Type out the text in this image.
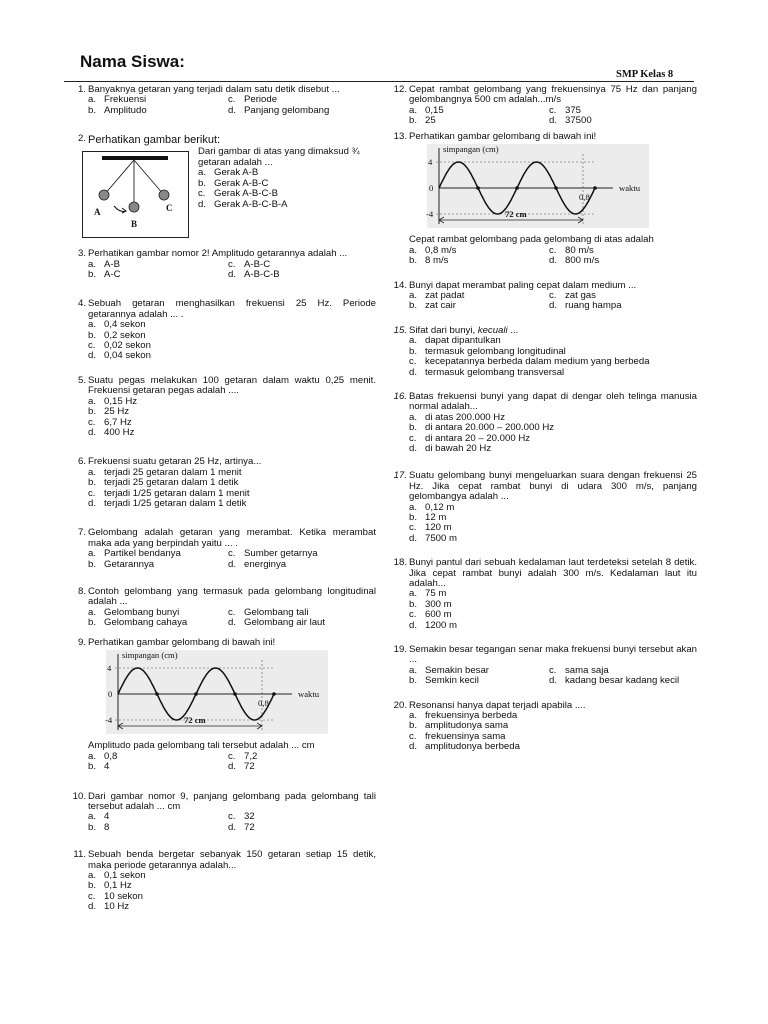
Nama Siswa:
SMP Kelas 8
1. Banyaknya getaran yang terjadi dalam satu detik disebut ...
a. Frekuensi	c. Periode
b. Amplitudo	d. Panjang gelombang
2. Perhatikan gambar berikut:
A
B
C
Dari gambar di atas yang dimaksud ¾ getaran adalah ...
a. Gerak A-B
b. Gerak A-B-C
c. Gerak A-B-C-B
d. Gerak A-B-C-B-A
3. Perhatikan gambar nomor 2! Amplitudo getarannya adalah ...
a. A-B	c. A-B-C
b. A-C	d. A-B-C-B
4. Sebuah getaran menghasilkan frekuensi 25 Hz. Periode getarannya adalah ... .
a. 0,4 sekon
b. 0,2 sekon
c. 0,02 sekon
d. 0,04 sekon
5. Suatu pegas melakukan 100 getaran dalam waktu 0,25 menit. Frekuensi getaran pegas adalah ....
a. 0,15 Hz
b. 25 Hz
c. 6,7 Hz
d. 400 Hz
6. Frekuensi suatu getaran 25 Hz, artinya...
a. terjadi 25 getaran dalam 1 menit
b. terjadi 25 getaran dalam 1 detik
c. terjadi 1/25 getaran dalam 1 menit
d. terjadi 1/25 getaran dalam 1 detik
7. Gelombang adalah getaran yang merambat. Ketika merambat maka ada yang berpindah yaitu ... .
a. Partikel bendanya	c. Sumber getarnya
b. Getarannya	d. energinya
8. Contoh gelombang yang termasuk pada gelombang longitudinal adalah ...
a. Gelombang bunyi	c. Gelombang tali
b. Gelombang cahaya	d. Gelombang air laut
9. Perhatikan gambar gelombang di bawah ini!
simpangan (cm)
4
0
-4
0,8
waktu
72 cm
Amplitudo pada gelombang tali tersebut adalah ... cm
a. 0,8	c. 7,2
b. 4	d. 72
10. Dari gambar nomor 9, panjang gelombang pada gelombang tali tersebut adalah ... cm
a. 4	c. 32
b. 8	d. 72
11. Sebuah benda bergetar sebanyak 150 getaran setiap 15 detik, maka periode getarannya adalah...
a. 0,1 sekon
b. 0,1 Hz
c. 10 sekon
d. 10 Hz
12. Cepat rambat gelombang yang frekuensinya 75 Hz dan panjang gelombangnya 500 cm adalah...m/s
a. 0,15	c. 375
b. 25	d. 37500
13. Perhatikan gambar gelombang di bawah ini!
simpangan (cm)
4
0
-4
0,8
waktu
72 cm
Cepat rambat gelombang pada gelombang di atas adalah
a. 0,8 m/s	c. 80 m/s
b. 8 m/s	d. 800 m/s
14. Bunyi dapat merambat paling cepat dalam medium ...
a. zat padat	c. zat gas
b. zat cair	d. ruang hampa
15. Sifat dari bunyi, kecuali ...
a. dapat dipantulkan
b. termasuk gelombang longitudinal
c. kecepatannya berbeda dalam medium yang berbeda
d. termasuk gelombang transversal
16. Batas frekuensi bunyi yang dapat di dengar oleh telinga manusia normal adalah...
a. di atas 200.000 Hz
b. di antara 20.000 – 200.000 Hz
c. di antara 20 – 20.000 Hz
d. di bawah 20 Hz
17. Suatu gelombang bunyi mengeluarkan suara dengan frekuensi 25 Hz. Jika cepat rambat bunyi di udara 300 m/s, panjang gelombangya adalah ...
a. 0,12 m
b. 12 m
c. 120 m
d. 7500 m
18. Bunyi pantul dari sebuah kedalaman laut terdeteksi setelah 8 detik. Jika cepat rambat bunyi adalah 300 m/s. Kedalaman laut itu adalah...
a. 75 m
b. 300 m
c. 600 m
d. 1200 m
19. Semakin besar tegangan senar maka frekuensi bunyi tersebut akan ...
a. Semakin besar	c. sama saja
b. Semkin kecil	d. kadang besar kadang kecil
20. Resonansi hanya dapat terjadi apabila ....
a. frekuensinya berbeda
b. amplitudonya sama
c. frekuensinya sama
d. amplitudonya berbeda
